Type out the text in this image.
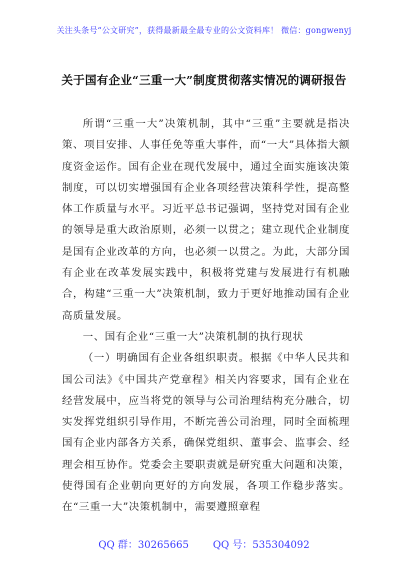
关注头条号“公文研究”，获得最新最全最专业的公文资料库！ 微信：gongwenyj
关于国有企业“三重一大”制度贯彻落实情况的调研报告

所谓“三重一大”决策机制，其中“三重”主要就是指决策、项目安排、人事任免等重大事件，而“一大”具体指大额度资金运作。国有企业在现代发展中，通过全面实施该决策制度，可以切实增强国有企业各项经营决策科学性，提高整体工作质量与水平。习近平总书记强调，坚持党对国有企业的领导是重大政治原则，必须一以贯之；建立现代企业制度是国有企业改革的方向，也必须一以贯之。为此，大部分国有企业在改革发展实践中，积极将党建与发展进行有机融合，构建“三重一大”决策机制，致力于更好地推动国有企业高质量发展。

一、国有企业“三重一大”决策机制的执行现状

（一）明确国有企业各组织职责。根据《中华人民共和国公司法》《中国共产党章程》相关内容要求，国有企业在经营发展中，应当将党的领导与公司治理结构充分融合，切实发挥党组织引导作用，不断完善公司治理，同时全面梳理国有企业内部各方关系，确保党组织、董事会、监事会、经理会相互协作。党委会主要职责就是研究重大问题和决策，使得国有企业朝向更好的方向发展，各项工作稳步落实。在“三重一大”决策机制中，需要遵照章程

QQ 群：30265665 QQ 号：535304092
